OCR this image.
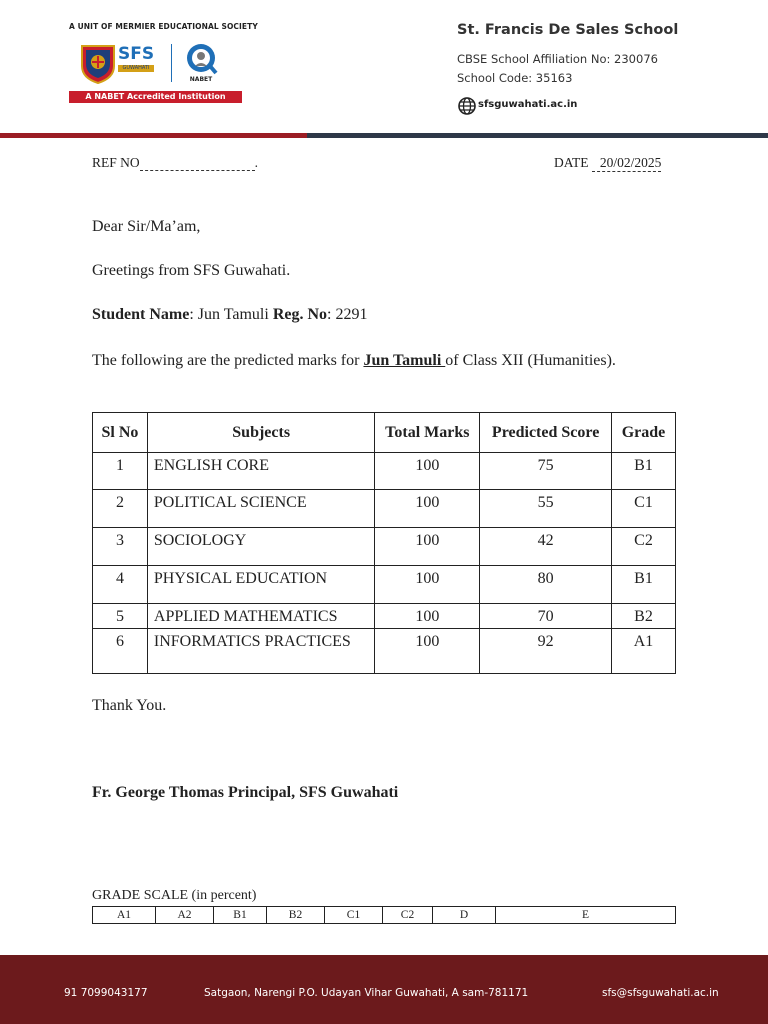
A UNIT OF MERMIER EDUCATIONAL SOCIETY
SFS
GUWAHATI
NABET
A NABET Accredited Institution
St. Francis De Sales School
CBSE School Affiliation No: 230076
School Code: 35163
sfsguwahati.ac.in
REF NO	.	DATE 20/02/2025
Dear Sir/Ma’am,
Greetings from SFS Guwahati.
Student Name: Jun Tamuli Reg. No: 2291
The following are the predicted marks for Jun Tamuli of Class XII (Humanities).
Sl No	Subjects	Total Marks	Predicted Score	Grade
1	ENGLISH CORE	100	75	B1
2	POLITICAL SCIENCE	100	55	C1
3	SOCIOLOGY	100	42	C2
4	PHYSICAL EDUCATION	100	80	B1
5	APPLIED MATHEMATICS	100	70	B2
6	INFORMATICS PRACTICES	100	92	A1
Thank You.
Fr. George Thomas Principal, SFS Guwahati
GRADE SCALE (in percent)
A1	A2	B1	B2	C1	C2	D	E
91 7099043177	Satgaon, Narengi P.O. Udayan Vihar Guwahati, A sam-781171	sfs@sfsguwahati.ac.in
